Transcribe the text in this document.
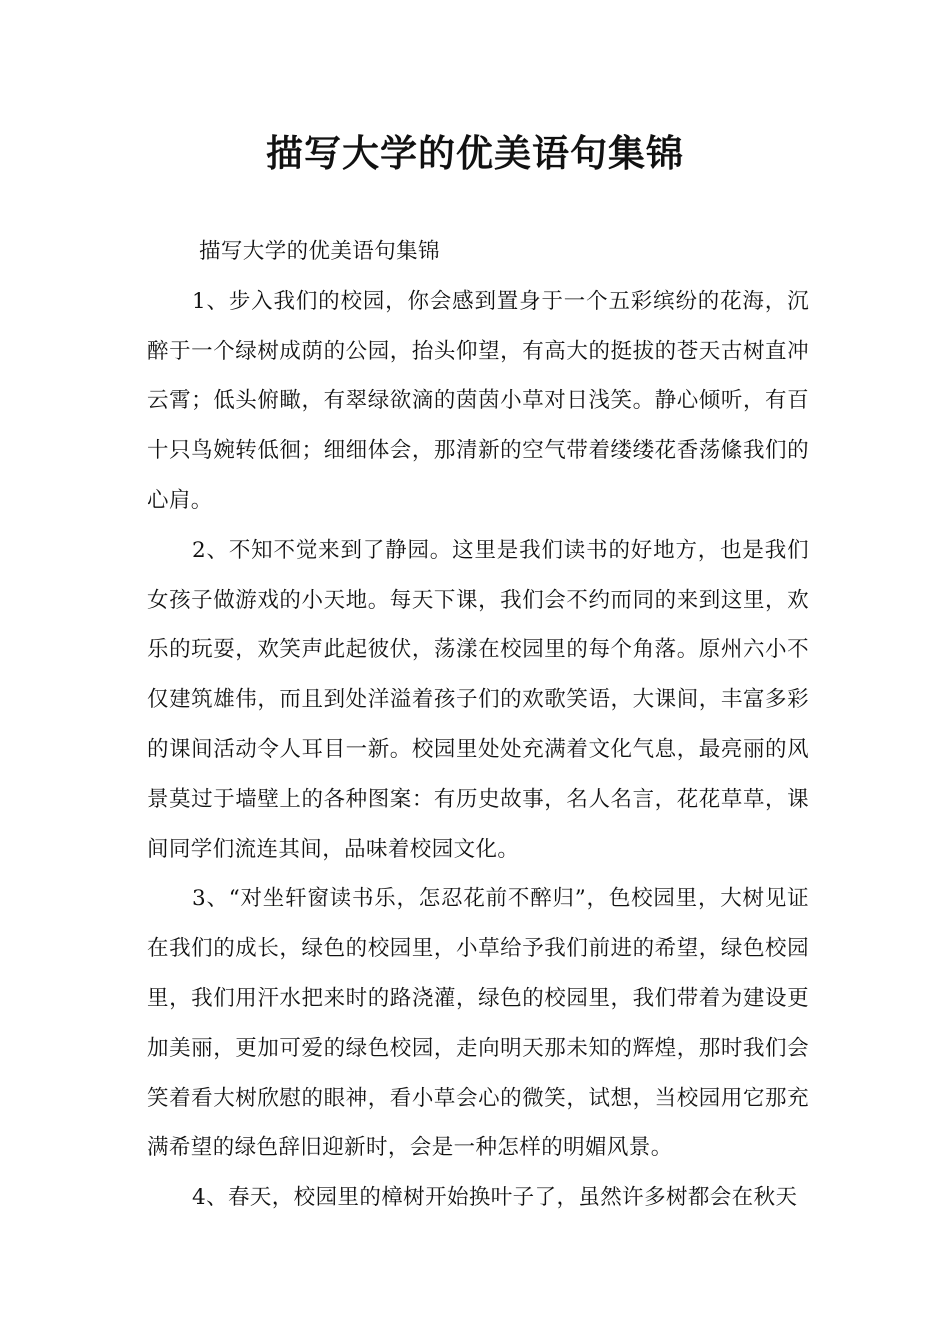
描写大学的优美语句集锦

描写大学的优美语句集锦

1、步入我们的校园，你会感到置身于一个五彩缤纷的花海，沉醉于一个绿树成荫的公园，抬头仰望，有高大的挺拔的苍天古树直冲云霄；低头俯瞰，有翠绿欲滴的茵茵小草对日浅笑。静心倾听，有百十只鸟婉转低徊；细细体会，那清新的空气带着缕缕花香荡絛我们的心肩。

2、不知不觉来到了静园。这里是我们读书的好地方，也是我们女孩子做游戏的小天地。每天下课，我们会不约而同的来到这里，欢乐的玩耍，欢笑声此起彼伏，荡漾在校园里的每个角落。原州六小不仅建筑雄伟，而且到处洋溢着孩子们的欢歌笑语，大课间，丰富多彩的课间活动令人耳目一新。校园里处处充满着文化气息，最亮丽的风景莫过于墙壁上的各种图案：有历史故事，名人名言，花花草草，课间同学们流连其间，品味着校园文化。

3、“对坐轩窗读书乐，怎忍花前不醉归”，色校园里，大树见证在我们的成长，绿色的校园里，小草给予我们前进的希望，绿色校园里，我们用汗水把来时的路浇灌，绿色的校园里，我们带着为建设更加美丽，更加可爱的绿色校园，走向明天那未知的辉煌，那时我们会笑着看大树欣慰的眼神，看小草会心的微笑，试想，当校园用它那充满希望的绿色辞旧迎新时，会是一种怎样的明媚风景。

4、春天，校园里的樟树开始换叶子了，虽然许多树都会在秋天
